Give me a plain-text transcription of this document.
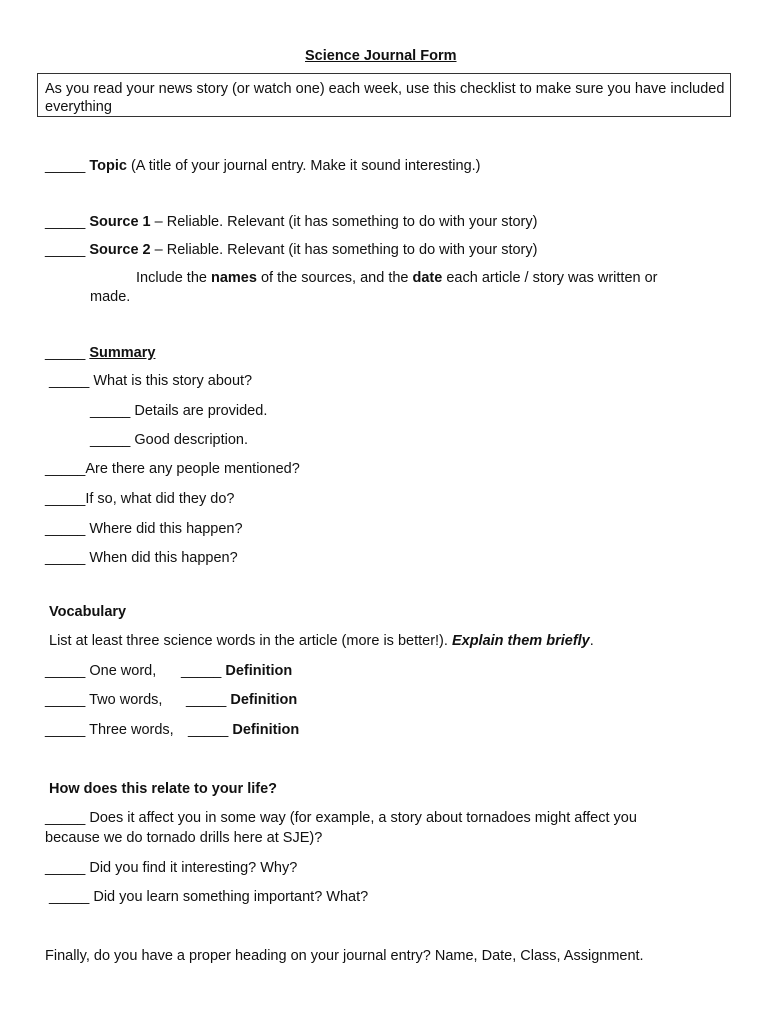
Science Journal Form
As you read your news story (or watch one) each week, use this checklist to make sure you have included everything
_____ Topic (A title of your journal entry. Make it sound interesting.)
_____ Source 1 – Reliable. Relevant (it has something to do with your story)
_____ Source 2 – Reliable. Relevant (it has something to do with your story)
Include the names of the sources, and the date each article / story was written or
made.
_____ Summary
_____ What is this story about?
_____ Details are provided.
_____ Good description.
_____Are there any people mentioned?
_____If so, what did they do?
_____ Where did this happen?
_____ When did this happen?
Vocabulary
List at least three science words in the article (more is better!). Explain them briefly.
_____ One word, _____ Definition
_____ Two words, _____ Definition
_____ Three words, _____ Definition
How does this relate to your life?
_____ Does it affect you in some way (for example, a story about tornadoes might affect you
because we do tornado drills here at SJE)?
_____ Did you find it interesting? Why?
_____ Did you learn something important? What?
Finally, do you have a proper heading on your journal entry? Name, Date, Class, Assignment.
